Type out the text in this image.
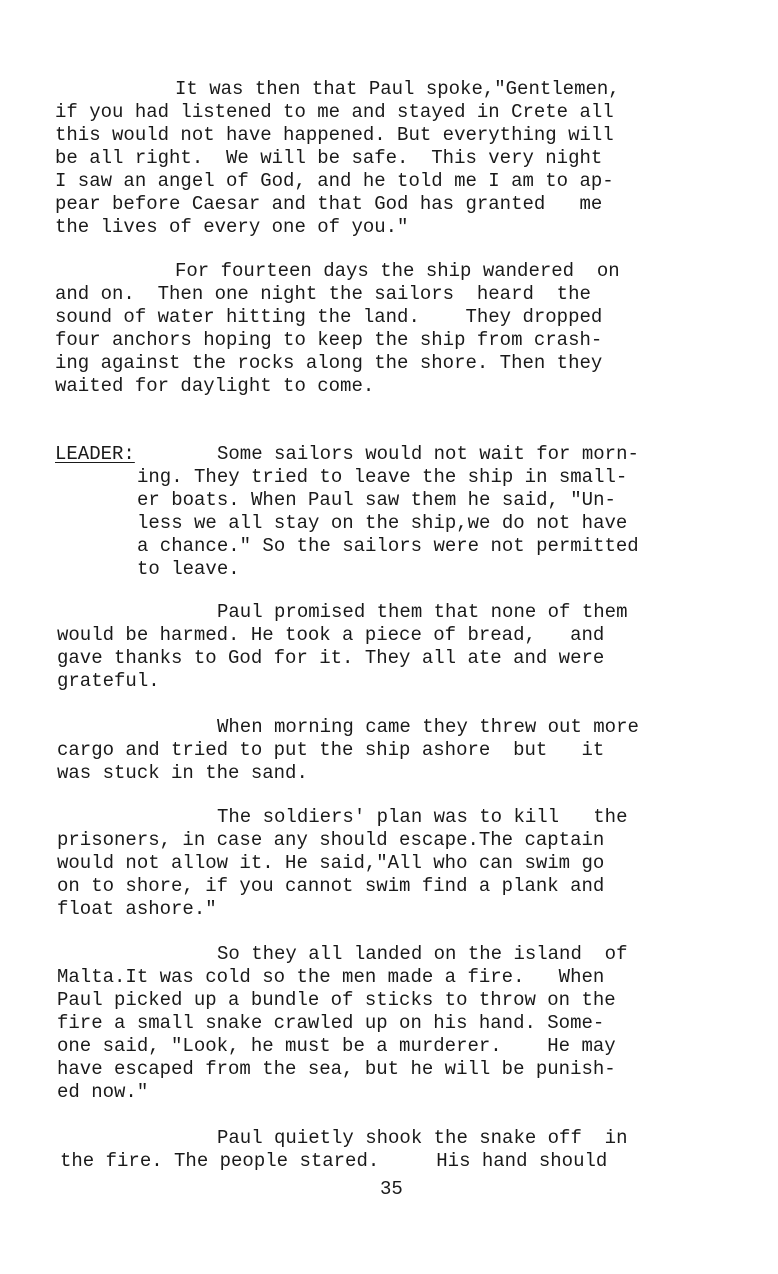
It was then that Paul spoke,"Gentlemen,
if you had listened to me and stayed in Crete all
this would not have happened. But everything will
be all right.  We will be safe.  This very night
I saw an angel of God, and he told me I am to ap-
pear before Caesar and that God has granted   me
the lives of every one of you."
For fourteen days the ship wandered  on
and on.  Then one night the sailors  heard  the
sound of water hitting the land.    They dropped
four anchors hoping to keep the ship from crash-
ing against the rocks along the shore. Then they
waited for daylight to come.
LEADER:	Some sailors would not wait for morn-
ing. They tried to leave the ship in small-
er boats. When Paul saw them he said, "Un-
less we all stay on the ship,we do not have
a chance." So the sailors were not permitted
to leave.
Paul promised them that none of them
would be harmed. He took a piece of bread,   and
gave thanks to God for it. They all ate and were
grateful.
When morning came they threw out more
cargo and tried to put the ship ashore  but   it
was stuck in the sand.
The soldiers' plan was to kill   the
prisoners, in case any should escape.The captain
would not allow it. He said,"All who can swim go
on to shore, if you cannot swim find a plank and
float ashore."
So they all landed on the island  of
Malta.It was cold so the men made a fire.   When
Paul picked up a bundle of sticks to throw on the
fire a small snake crawled up on his hand. Some-
one said, "Look, he must be a murderer.    He may
have escaped from the sea, but he will be punish-
ed now."
Paul quietly shook the snake off  in
the fire. The people stared.     His hand should
35
